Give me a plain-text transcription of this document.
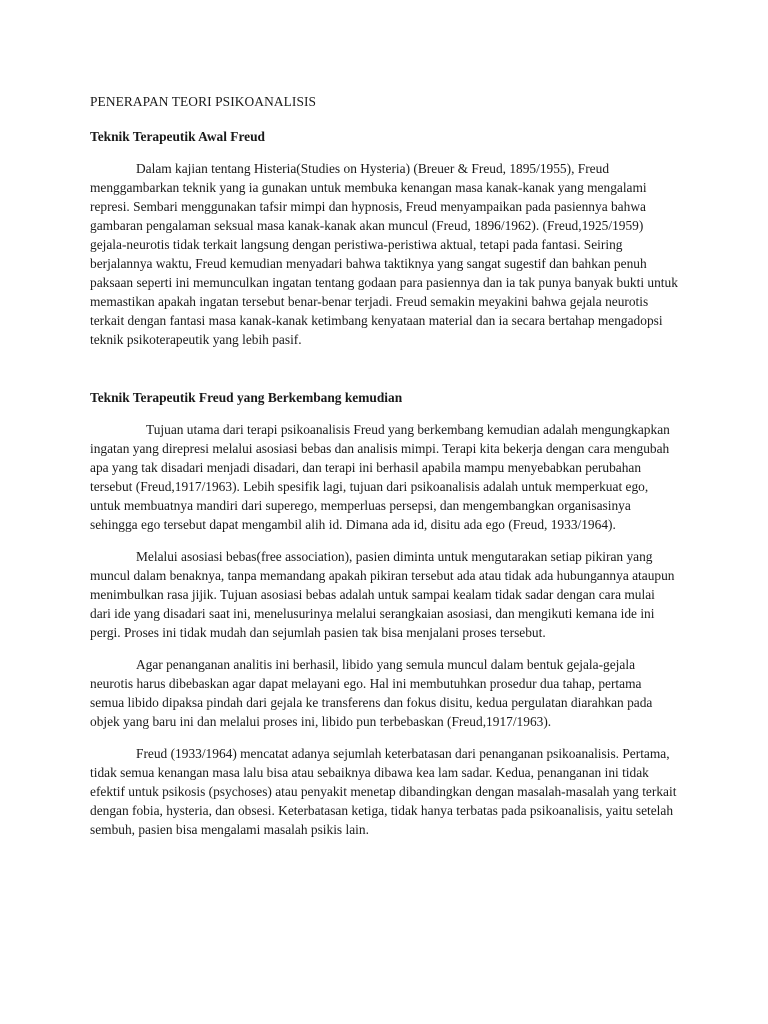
PENERAPAN TEORI PSIKOANALISIS
Teknik Terapeutik Awal Freud

Dalam kajian tentang Histeria(Studies on Hysteria) (Breuer & Freud, 1895/1955), Freud menggambarkan teknik yang ia gunakan untuk membuka kenangan masa kanak-kanak yang mengalami represi. Sembari menggunakan tafsir mimpi dan hypnosis, Freud menyampaikan pada pasiennya bahwa gambaran pengalaman seksual masa kanak-kanak akan muncul (Freud, 1896/1962). (Freud,1925/1959) gejala-neurotis tidak terkait langsung dengan peristiwa-peristiwa aktual, tetapi pada fantasi. Seiring berjalannya waktu, Freud kemudian menyadari bahwa taktiknya yang sangat sugestif dan bahkan penuh paksaan seperti ini memunculkan ingatan tentang godaan para pasiennya dan ia tak punya banyak bukti untuk memastikan apakah ingatan tersebut benar-benar terjadi. Freud semakin meyakini bahwa gejala neurotis terkait dengan fantasi masa kanak-kanak ketimbang kenyataan material dan ia secara bertahap mengadopsi teknik psikoterapeutik yang lebih pasif.

Teknik Terapeutik Freud yang Berkembang kemudian

Tujuan utama dari terapi psikoanalisis Freud yang berkembang kemudian adalah mengungkapkan ingatan yang direpresi melalui asosiasi bebas dan analisis mimpi. Terapi kita bekerja dengan cara mengubah apa yang tak disadari menjadi disadari, dan terapi ini berhasil apabila mampu menyebabkan perubahan tersebut (Freud,1917/1963). Lebih spesifik lagi, tujuan dari psikoanalisis adalah untuk memperkuat ego, untuk membuatnya mandiri dari superego, memperluas persepsi, dan mengembangkan organisasinya sehingga ego tersebut dapat mengambil alih id. Dimana ada id, disitu ada ego (Freud, 1933/1964).

Melalui asosiasi bebas(free association), pasien diminta untuk mengutarakan setiap pikiran yang muncul dalam benaknya, tanpa memandang apakah pikiran tersebut ada atau tidak ada hubungannya ataupun menimbulkan rasa jijik. Tujuan asosiasi bebas adalah untuk sampai kealam tidak sadar dengan cara mulai dari ide yang disadari saat ini, menelusurinya melalui serangkaian asosiasi, dan mengikuti kemana ide ini pergi. Proses ini tidak mudah dan sejumlah pasien tak bisa menjalani proses tersebut.

Agar penanganan analitis ini berhasil, libido yang semula muncul dalam bentuk gejala-gejala neurotis harus dibebaskan agar dapat melayani ego. Hal ini membutuhkan prosedur dua tahap, pertama semua libido dipaksa pindah dari gejala ke transferens dan fokus disitu, kedua pergulatan diarahkan pada objek yang baru ini dan melalui proses ini, libido pun terbebaskan (Freud,1917/1963).

Freud (1933/1964) mencatat adanya sejumlah keterbatasan dari penanganan psikoanalisis. Pertama, tidak semua kenangan masa lalu bisa atau sebaiknya dibawa kea lam sadar. Kedua, penanganan ini tidak efektif untuk psikosis (psychoses) atau penyakit menetap dibandingkan dengan masalah-masalah yang terkait dengan fobia, hysteria, dan obsesi. Keterbatasan ketiga, tidak hanya terbatas pada psikoanalisis, yaitu setelah sembuh, pasien bisa mengalami masalah psikis lain.
